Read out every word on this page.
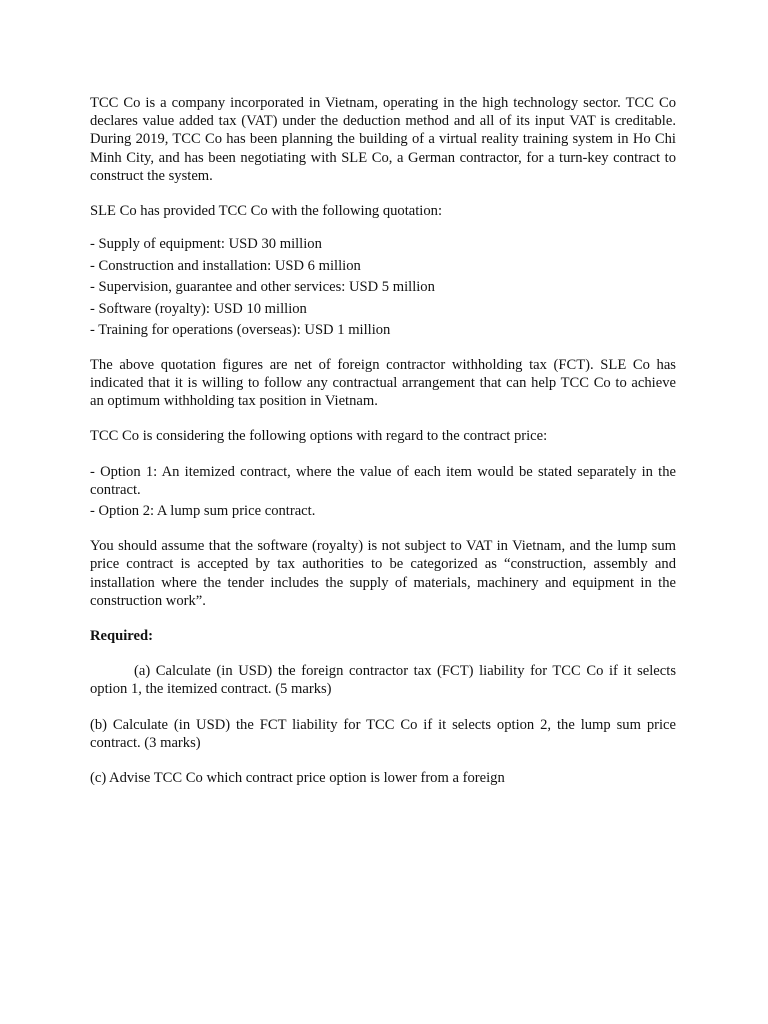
TCC Co is a company incorporated in Vietnam, operating in the high technology sector. TCC Co declares value added tax (VAT) under the deduction method and all of its input VAT is creditable. During 2019, TCC Co has been planning the building of a virtual reality training system in Ho Chi Minh City, and has been negotiating with SLE Co, a German contractor, for a turn-key contract to construct the system.

SLE Co has provided TCC Co with the following quotation:

- Supply of equipment: USD 30 million

- Construction and installation: USD 6 million

- Supervision, guarantee and other services: USD 5 million

- Software (royalty): USD 10 million

- Training for operations (overseas): USD 1 million

The above quotation figures are net of foreign contractor withholding tax (FCT). SLE Co has indicated that it is willing to follow any contractual arrangement that can help TCC Co to achieve an optimum withholding tax position in Vietnam.

TCC Co is considering the following options with regard to the contract price:

- Option 1: An itemized contract, where the value of each item would be stated separately in the contract.

- Option 2: A lump sum price contract.

You should assume that the software (royalty) is not subject to VAT in Vietnam, and the lump sum price contract is accepted by tax authorities to be categorized as “construction, assembly and installation where the tender includes the supply of materials, machinery and equipment in the construction work”.

Required:

(a) Calculate (in USD) the foreign contractor tax (FCT) liability for TCC Co if it selects option 1, the itemized contract. (5 marks)

(b) Calculate (in USD) the FCT liability for TCC Co if it selects option 2, the lump sum price contract. (3 marks)

(c) Advise TCC Co which contract price option is lower from a foreign
